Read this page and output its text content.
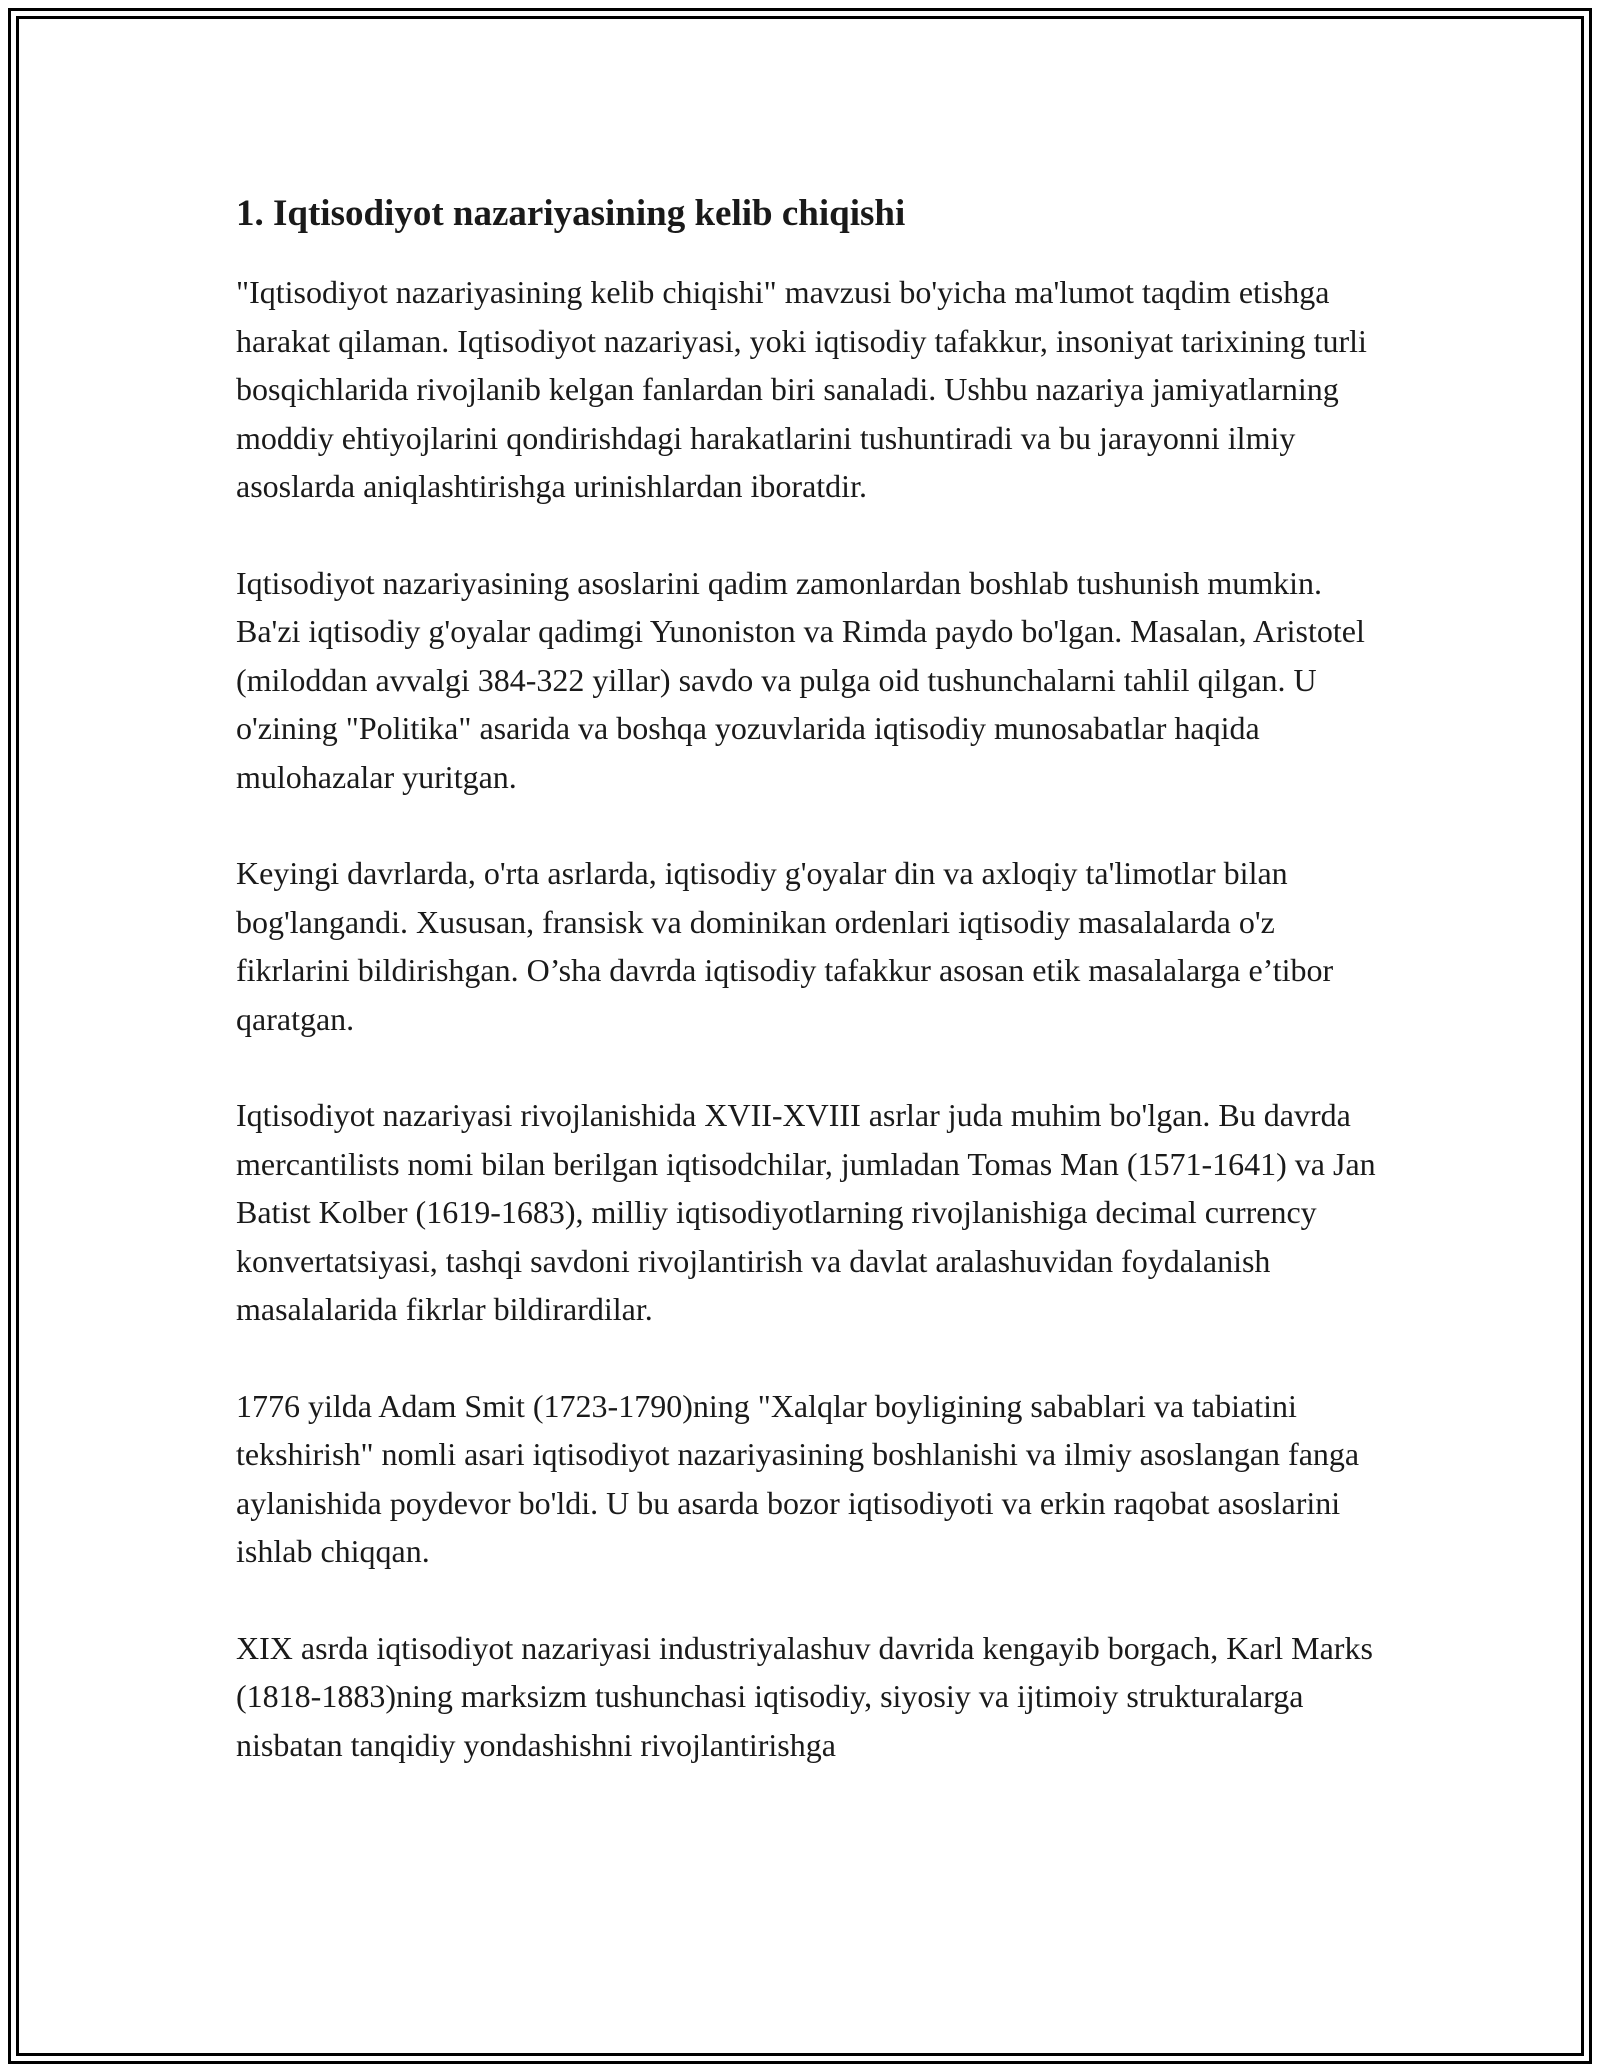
1. Iqtisodiyot nazariyasining kelib chiqishi

"Iqtisodiyot nazariyasining kelib chiqishi" mavzusi bo'yicha ma'lumot taqdim etishga harakat qilaman. Iqtisodiyot nazariyasi, yoki iqtisodiy tafakkur, insoniyat tarixining turli bosqichlarida rivojlanib kelgan fanlardan biri sanaladi. Ushbu nazariya jamiyatlarning moddiy ehtiyojlarini qondirishdagi harakatlarini tushuntiradi va bu jarayonni ilmiy asoslarda aniqlashtirishga urinishlardan iboratdir.

Iqtisodiyot nazariyasining asoslarini qadim zamonlardan boshlab tushunish mumkin. Ba'zi iqtisodiy g'oyalar qadimgi Yunoniston va Rimda paydo bo'lgan. Masalan, Aristotel (miloddan avvalgi 384-322 yillar) savdo va pulga oid tushunchalarni tahlil qilgan. U o'zining "Politika" asarida va boshqa yozuvlarida iqtisodiy munosabatlar haqida mulohazalar yuritgan.

Keyingi davrlarda, o'rta asrlarda, iqtisodiy g'oyalar din va axloqiy ta'limotlar bilan bog'langandi. Xususan, fransisk va dominikan ordenlari iqtisodiy masalalarda o'z fikrlarini bildirishgan. O’sha davrda iqtisodiy tafakkur asosan etik masalalarga e’tibor qaratgan.

Iqtisodiyot nazariyasi rivojlanishida XVII-XVIII asrlar juda muhim bo'lgan. Bu davrda mercantilists nomi bilan berilgan iqtisodchilar, jumladan Tomas Man (1571-1641) va Jan Batist Kolber (1619-1683), milliy iqtisodiyotlarning rivojlanishiga decimal currency konvertatsiyasi, tashqi savdoni rivojlantirish va davlat aralashuvidan foydalanish masalalarida fikrlar bildirardilar.

1776 yilda Adam Smit (1723-1790)ning "Xalqlar boyligining sabablari va tabiatini tekshirish" nomli asari iqtisodiyot nazariyasining boshlanishi va ilmiy asoslangan fanga aylanishida poydevor bo'ldi. U bu asarda bozor iqtisodiyoti va erkin raqobat asoslarini ishlab chiqqan.

XIX asrda iqtisodiyot nazariyasi industriyalashuv davrida kengayib borgach, Karl Marks (1818-1883)ning marksizm tushunchasi iqtisodiy, siyosiy va ijtimoiy strukturalarga nisbatan tanqidiy yondashishni rivojlantirishga
